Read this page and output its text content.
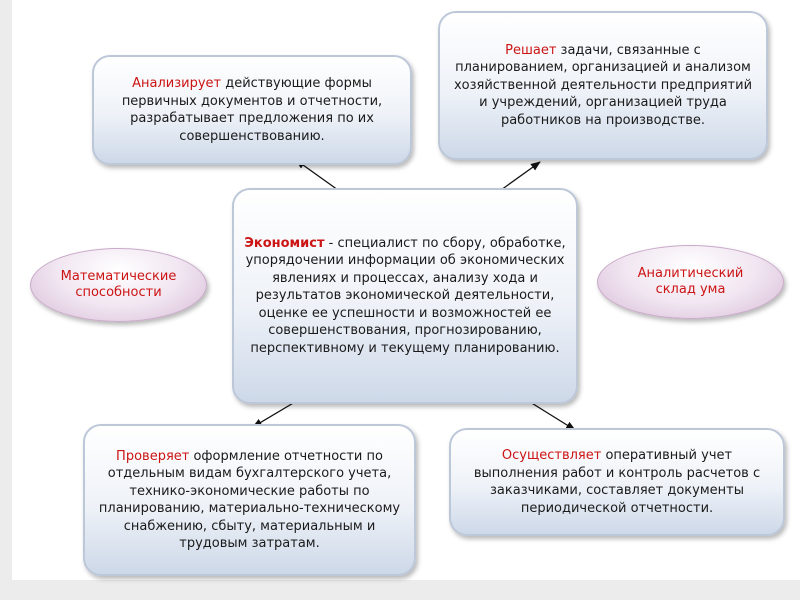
Анализирует действующие формы первичных документов и отчетности, разрабатывает предложения по их совершенствованию.

Решает задачи, связанные с планированием, организацией и анализом хозяйственной деятельности предприятий и учреждений, организацией труда работников на производстве.

Экономист - специалист по сбору, обработке, упорядочении информации об экономических явлениях и процессах, анализу хода и результатов экономической деятельности, оценке ее успешности и возможностей ее совершенствования, прогнозированию, перспективному и текущему планированию.

Математические способности
Аналитический склад ума

Проверяет оформление отчетности по отдельным видам бухгалтерского учета, технико-экономические работы по планированию, материально-техническому снабжению, сбыту, материальным и трудовым затратам.

Осуществляет оперативный учет выполнения работ и контроль расчетов с заказчиками, составляет документы периодической отчетности.
